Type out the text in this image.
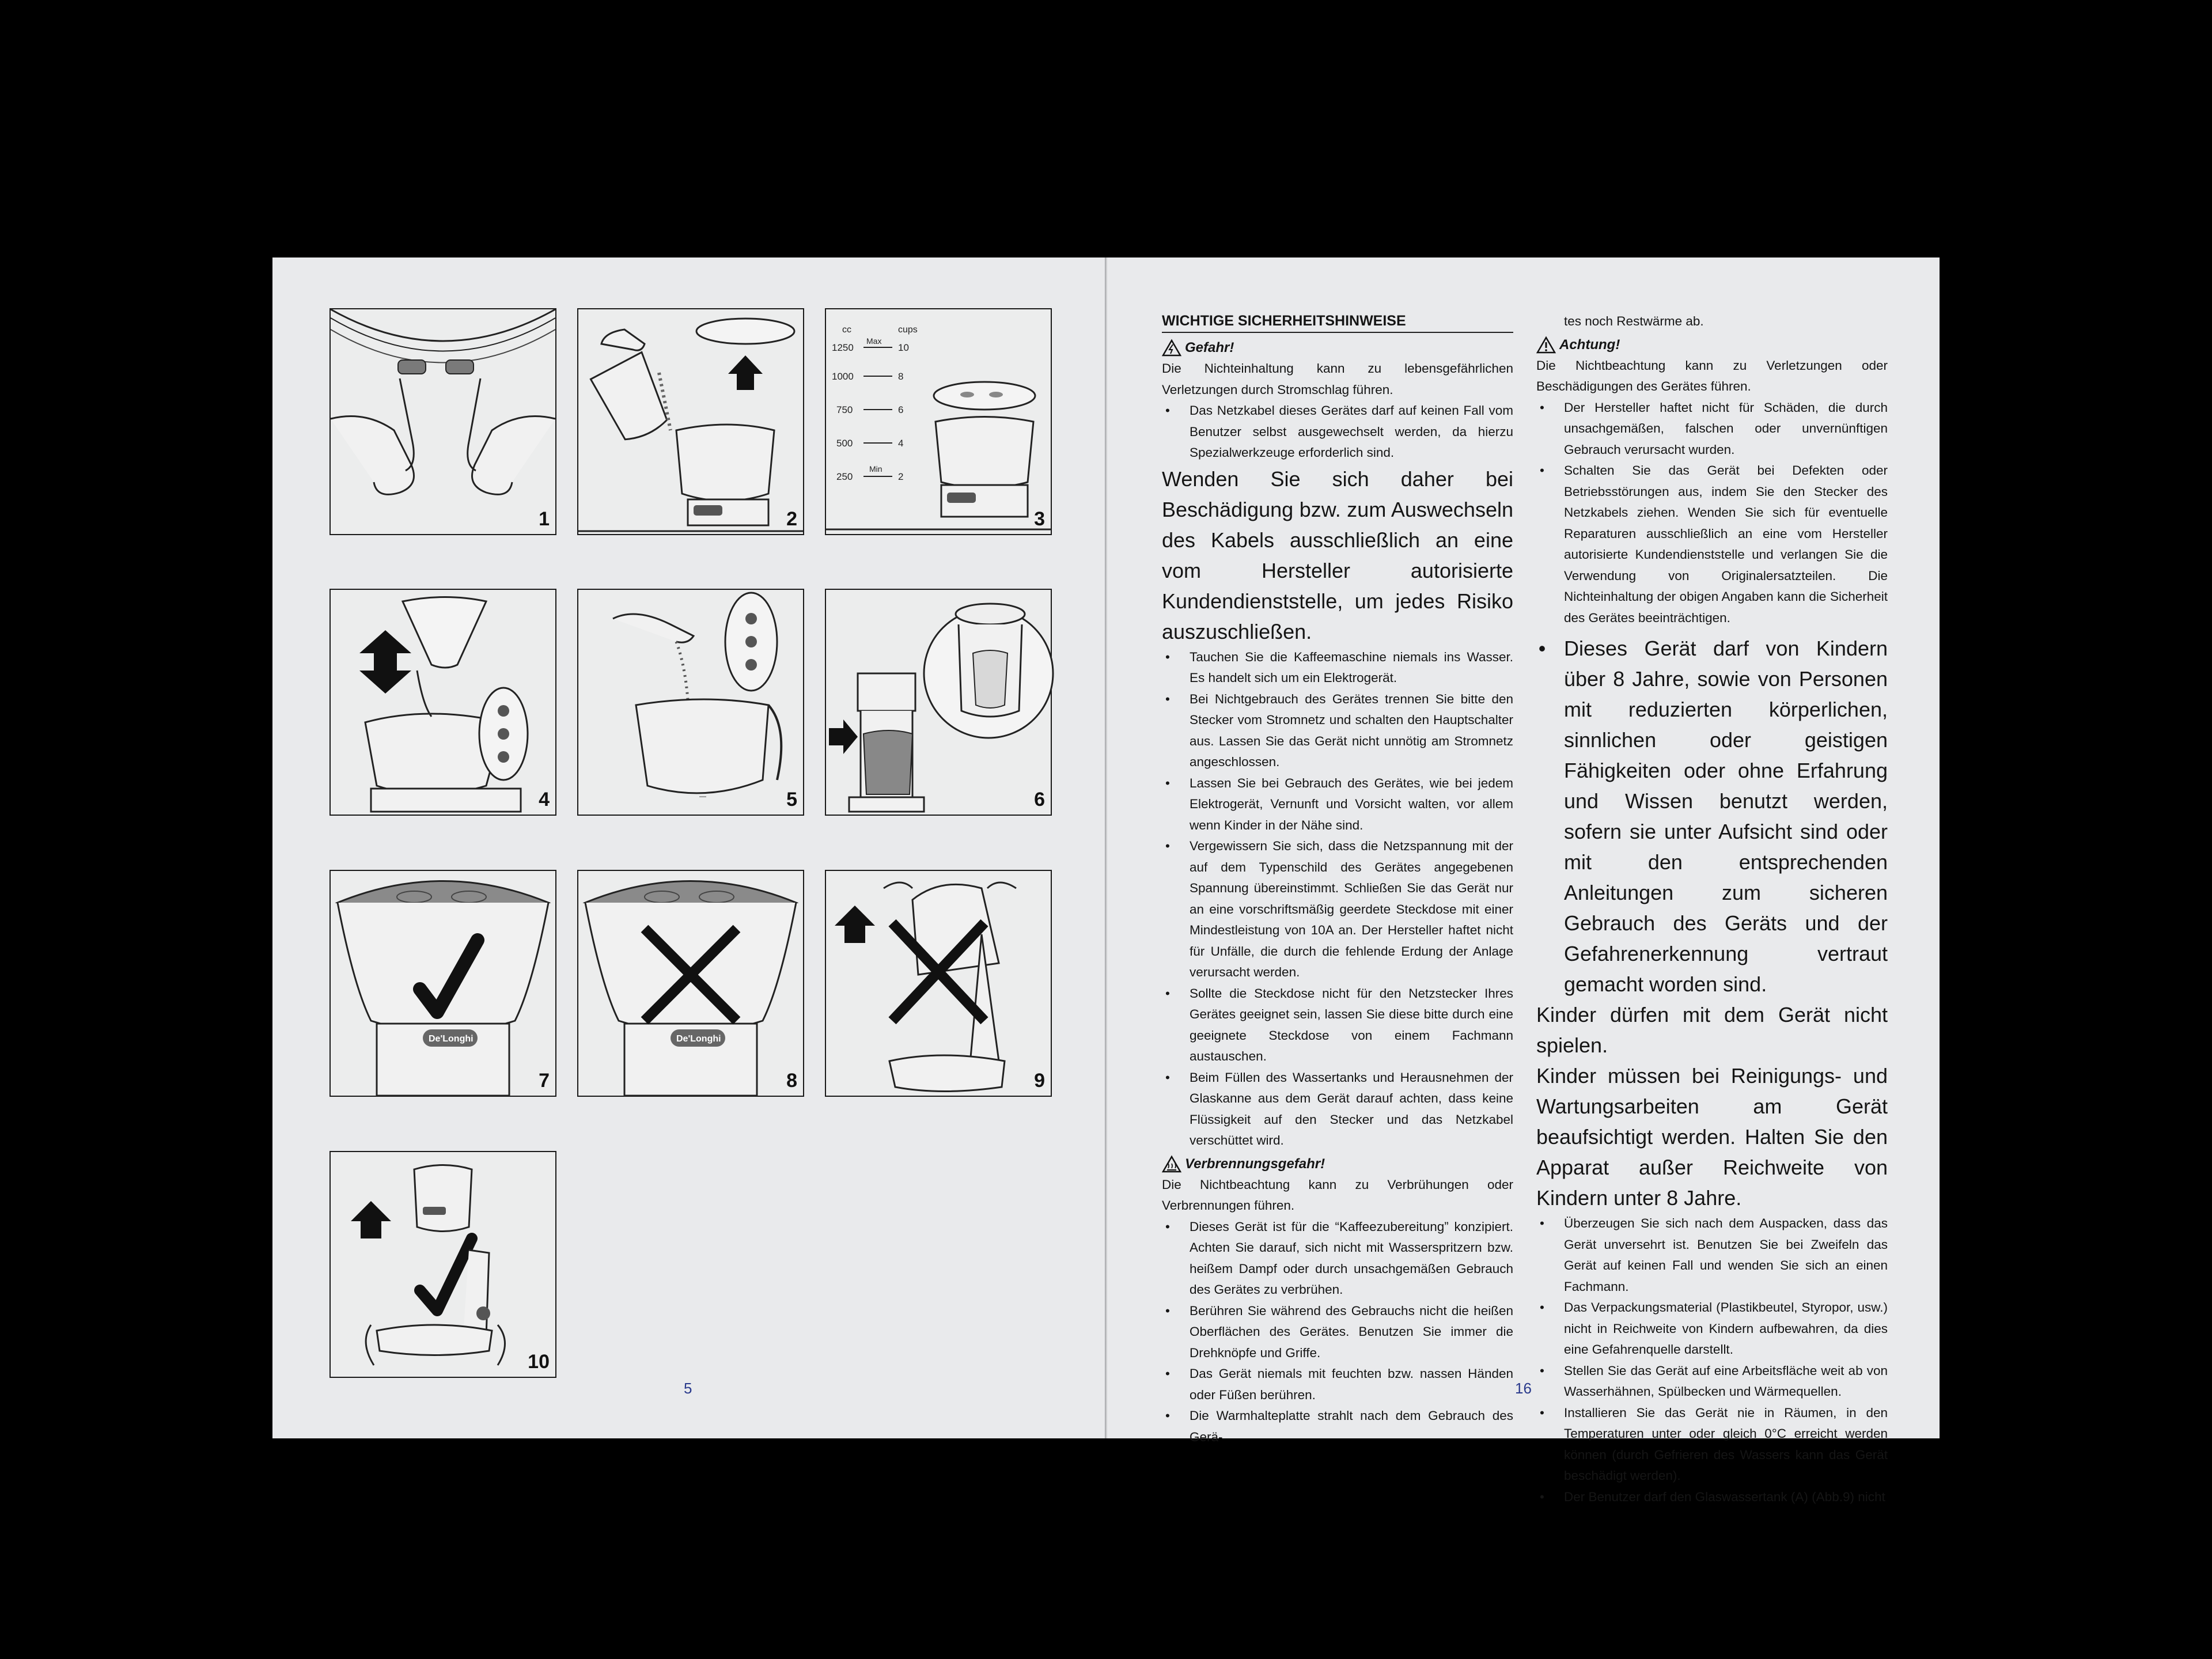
1	2
cc	cups
Max
1250	10
1000	8
750	6
500	4
Min
250	2
3
4	—	5	6
De'Longhi
7
De'Longhi
8	9
10
5
WICHTIGE SICHERHEITSHINWEISE
Gefahr!

Die Nichteinhaltung kann zu lebensgefährlichen Verletzungen durch Stromschlag führen.

• Das Netzkabel dieses Gerätes darf auf keinen Fall vom Benutzer selbst ausgewechselt werden, da hierzu Spezialwerkzeuge erforderlich sind.

Wenden Sie sich daher bei Beschädigung bzw. zum Auswechseln des Kabels ausschließlich an eine vom Hersteller autorisierte Kundendienststelle, um jedes Risiko auszuschließen.

• Tauchen Sie die Kaffeemaschine niemals ins Wasser. Es handelt sich um ein Elektrogerät.
• Bei Nichtgebrauch des Gerätes trennen Sie bitte den Stecker vom Stromnetz und schalten den Hauptschalter aus. Lassen Sie das Gerät nicht unnötig am Stromnetz angeschlossen.
• Lassen Sie bei Gebrauch des Gerätes, wie bei jedem Elektrogerät, Vernunft und Vorsicht walten, vor allem wenn Kinder in der Nähe sind.
• Vergewissern Sie sich, dass die Netzspannung mit der auf dem Typenschild des Gerätes angegebenen Spannung übereinstimmt. Schließen Sie das Gerät nur an eine vorschriftsmäßig geerdete Steckdose mit einer Mindestleistung von 10A an. Der Hersteller haftet nicht für Unfälle, die durch die fehlende Erdung der Anlage verursacht werden.
• Sollte die Steckdose nicht für den Netzstecker Ihres Gerätes geeignet sein, lassen Sie diese bitte durch eine geeignete Steckdose von einem Fachmann austauschen.
• Beim Füllen des Wassertanks und Herausnehmen der Glaskanne aus dem Gerät darauf achten, dass keine Flüssigkeit auf den Stecker und das Netzkabel verschüttet wird.
Verbrennungsgefahr!

Die Nichtbeachtung kann zu Verbrühungen oder Verbrennungen führen.

• Dieses Gerät ist für die “Kaffeezubereitung” konzipiert. Achten Sie darauf, sich nicht mit Wasserspritzern bzw. heißem Dampf oder durch unsachgemäßen Gebrauch des Gerätes zu verbrühen.
• Berühren Sie während des Gebrauchs nicht die heißen Oberflächen des Gerätes. Benutzen Sie immer die Drehknöpfe und Griffe.
• Das Gerät niemals mit feuchten bzw. nassen Händen oder Füßen berühren.
• Die Warmhalteplatte strahlt nach dem Gebrauch des Gerä-

tes noch Restwärme ab.

Achtung!

Die Nichtbeachtung kann zu Verletzungen oder Beschädigungen des Gerätes führen.

• Der Hersteller haftet nicht für Schäden, die durch unsachgemäßen, falschen oder unvernünftigen Gebrauch verursacht wurden.
• Schalten Sie das Gerät bei Defekten oder Betriebsstörungen aus, indem Sie den Stecker des Netzkabels ziehen. Wenden Sie sich für eventuelle Reparaturen ausschließlich an eine vom Hersteller autorisierte Kundendienststelle und verlangen Sie die Verwendung von Originalersatzteilen. Die Nichteinhaltung der obigen Angaben kann die Sicherheit des Gerätes beeinträchtigen.
• Dieses Gerät darf von Kindern über 8 Jahre, sowie von Personen mit reduzierten körperlichen, sinnlichen oder geistigen Fähigkeiten oder ohne Erfahrung und Wissen benutzt werden, sofern sie unter Aufsicht sind oder mit den entsprechenden Anleitungen zum sicheren Gebrauch des Geräts und der Gefahrenerkennung vertraut gemacht worden sind.

Kinder dürfen mit dem Gerät nicht spielen.

Kinder müssen bei Reinigungs- und Wartungsarbeiten am Gerät beaufsichtigt werden. Halten Sie den Apparat außer Reichweite von Kindern unter 8 Jahre.

• Überzeugen Sie sich nach dem Auspacken, dass das Gerät unversehrt ist. Benutzen Sie bei Zweifeln das Gerät auf keinen Fall und wenden Sie sich an einen Fachmann.
• Das Verpackungsmaterial (Plastikbeutel, Styropor, usw.) nicht in Reichweite von Kindern aufbewahren, da dies eine Gefahrenquelle darstellt.
• Stellen Sie das Gerät auf eine Arbeitsfläche weit ab von Wasserhähnen, Spülbecken und Wärmequellen.
• Installieren Sie das Gerät nie in Räumen, in den Temperaturen unter oder gleich 0°C erreicht werden können (durch Gefrieren des Wassers kann das Gerät beschädigt werden).
• Der Benutzer darf den Glaswassertank (A) (Abb.9) nicht
16
